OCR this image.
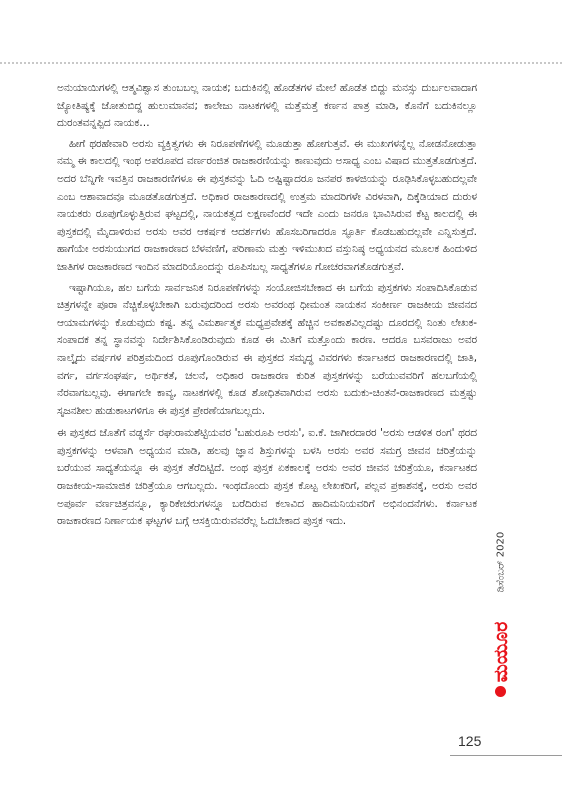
ಅನುಯಾಯಿಗಳಲ್ಲಿ ಆತ್ಮವಿಶ್ವಾಸ ತುಂಬಬಲ್ಲ ನಾಯಕ; ಬದುಕಿನಲ್ಲಿ ಹೊಡೆತಗಳ ಮೇಲೆ ಹೊಡೆತ ಬಿದ್ದು ಮನಸ್ಸು ದುರ್ಬಲವಾದಾಗ ಜ್ಯೋತಿಷ್ಯಕ್ಕೆ ಜೋತುಬಿದ್ದ ಹುಲುಮಾನವ; ಕಾಲೇಜು ನಾಟಕಗಳಲ್ಲಿ ಮತ್ತೆಮತ್ತೆ ಕರ್ಣನ ಪಾತ್ರ ಮಾಡಿ, ಕೊನೆಗೆ ಬದುಕಿನಲ್ಲೂ ದುರಂತವನ್ನಪ್ಪಿದ ನಾಯಕ…

ಹೀಗೆ ಥರಹೇವಾರಿ ಅರಸು ವ್ಯಕ್ತಿತ್ವಗಳು ಈ ನಿರೂಪಣೆಗಳಲ್ಲಿ ಮೂಡುತ್ತಾ ಹೋಗುತ್ತವೆ. ಈ ಮುಖಗಳನ್ನೆಲ್ಲ ನೋಡನೋಡುತ್ತಾ ನಮ್ಮ ಈ ಕಾಲದಲ್ಲಿ ಇಂಥ ಅಪರೂಪದ ವರ್ಣರಂಜಿತ ರಾಜಕಾರಣಿಯನ್ನು ಕಾಣುವುದು ಅಸಾಧ್ಯ ಎಂಬ ವಿಷಾದ ಮುತ್ತತೊಡಗುತ್ತದೆ. ಅದರ ಬೆನ್ನಿಗೇ ಇವತ್ತಿನ ರಾಜಕಾರಣಿಗಳೂ ಈ ಪುಸ್ತಕವನ್ನು ಓದಿ ಅಷ್ಟಿಷ್ಟಾದರೂ ಜನಪರ ಕಾಳಜಿಯನ್ನು ರೂಢಿಸಿಕೊಳ್ಳಬಹುದಲ್ಲವೇ ಎಂಬ ಆಶಾವಾದವೂ ಮೂಡತೊಡಗುತ್ತದೆ. ಅಧಿಕಾರ ರಾಜಕಾರಣದಲ್ಲಿ ಉತ್ತಮ ಮಾದರಿಗಳೇ ವಿರಳವಾಗಿ, ದಿಕ್ಕೆಡಿಯಾದ ದುರುಳ ನಾಯಕರು ರೂಪುಗೊಳ್ಳುತ್ತಿರುವ ಘಟ್ಟದಲ್ಲಿ, ನಾಯಕತ್ವದ ಲಕ್ಷಣವೆಂದರೆ ಇದೇ ಎಂದು ಜನರೂ ಭಾವಿಸಿರುವ ಕೆಟ್ಟ ಕಾಲದಲ್ಲಿ ಈ ಪುಸ್ತಕದಲ್ಲಿ ಮೈದಾಳಿರುವ ಅರಸು ಅವರ ಆಕರ್ಷಕ ಆದರ್ಶಗಳು ಹೊಸಬರಿಗಾದರೂ ಸ್ಫೂರ್ತಿ ಕೊಡಬಹುದಲ್ಲವೇ ಎನ್ನಿಸುತ್ತದೆ. ಹಾಗೆಯೇ ಅರಸುಯುಗದ ರಾಜಕಾರಣದ ಬೆಳವಣಿಗೆ, ಪರಿಣಾಮ ಮತ್ತು ಇಳಿಮುಖದ ವಸ್ತುನಿಷ್ಠ ಅಧ್ಯಯನದ ಮೂಲಕ ಹಿಂದುಳಿದ ಜಾತಿಗಳ ರಾಜಕಾರಣದ ಇಂದಿನ ಮಾದರಿಯೊಂದನ್ನು ರೂಪಿಸಬಲ್ಲ ಸಾಧ್ಯತೆಗಳೂ ಗೋಚರವಾಗತೊಡಗುತ್ತವೆ.

ಇಷ್ಟಾಗಿಯೂ, ಹಲ ಬಗೆಯ ಸಾರ್ವಜನಿಕ ನಿರೂಪಣೆಗಳನ್ನು ಸಂಯೋಜಿಸಬೇಕಾದ ಈ ಬಗೆಯ ಪುಸ್ತಕಗಳು ಸಂಪಾದಿಸಿಕೊಡುವ ಚಿತ್ರಗಳನ್ನೇ ಪೂರಾ ನೆಚ್ಚಿಕೊಳ್ಳಬೇಕಾಗಿ ಬರುವುದರಿಂದ ಅರಸು ಅವರಂಥ ಧೀಮಂತ ನಾಯಕನ ಸಂಕೀರ್ಣ ರಾಜಕೀಯ ಜೀವನದ ಆಯಾಮಗಳನ್ನು ಕೊಡುವುದು ಕಷ್ಟ. ತನ್ನ ವಿಮರ್ಶಾತ್ಮಕ ಮಧ್ಯಪ್ರವೇಶಕ್ಕೆ ಹೆಚ್ಚಿನ ಅವಕಾಶವಿಲ್ಲದಷ್ಟು ದೂರದಲ್ಲಿ ನಿಂತು ಲೇಖಕ-ಸಂಪಾದಕ ತನ್ನ ಸ್ಥಾನವನ್ನು ನಿರ್ದೇಶಿಸಿಕೊಂಡಿರುವುದು ಕೂಡ ಈ ಮಿತಿಗೆ ಮತ್ತೊಂದು ಕಾರಣ. ಆದರೂ ಬಸವರಾಜು ಅವರ ನಾಲ್ಕೈದು ವರ್ಷಗಳ ಪರಿಶ್ರಮದಿಂದ ರೂಪುಗೊಂಡಿರುವ ಈ ಪುಸ್ತಕದ ಸಮೃದ್ಧ ವಿವರಗಳು ಕರ್ನಾಟಕದ ರಾಜಕಾರಣದಲ್ಲಿ ಜಾತಿ, ವರ್ಗ, ವರ್ಗಸಂಘರ್ಷ, ಅರ್ಥಿಕತೆ, ಚಲನೆ, ಅಧಿಕಾರ ರಾಜಕಾರಣ ಕುರಿತ ಪುಸ್ತಕಗಳನ್ನು ಬರೆಯುವವರಿಗೆ ಹಲಬಗೆಯಲ್ಲಿ ನೆರವಾಗಬಲ್ಲವು. ಈಗಾಗಲೇ ಕಾವ್ಯ, ನಾಟಕಗಳಲ್ಲಿ ಕೂಡ ಶೋಧಿತವಾಗಿರುವ ಅರಸು ಬದುಕು-ಚಿಂತನೆ-ರಾಜಕಾರಣದ ಮತ್ತಷ್ಟು ಸೃಜನಶೀಲ ಹುಡುಕಾಟಗಳಿಗೂ ಈ ಪುಸ್ತಕ ಪ್ರೇರಣೆಯಾಗಬಲ್ಲದು.

ಈ ಪುಸ್ತಕದ ಜೊತೆಗೆ ವಡ್ಡರ್ಸೆ ರಘುರಾಮಶೆಟ್ಟಿಯವರ 'ಬಹುರೂಪಿ ಅರಸು', ಐ.ಕೆ. ಜಾಗೀರದಾರರ 'ಅರಸು ಆಡಳಿತ ರಂಗ' ಥರದ ಪುಸ್ತಕಗಳನ್ನು ಆಳವಾಗಿ ಅಧ್ಯಯನ ಮಾಡಿ, ಹಲವು ಜ್ಞಾನ ಶಿಸ್ತುಗಳನ್ನು ಬಳಸಿ ಅರಸು ಅವರ ಸಮಗ್ರ ಜೀವನ ಚರಿತ್ರೆಯನ್ನು ಬರೆಯುವ ಸಾಧ್ಯತೆಯನ್ನೂ ಈ ಪುಸ್ತಕ ತೆರೆದಿಟ್ಟಿದೆ. ಅಂಥ ಪುಸ್ತಕ ಏಕಕಾಲಕ್ಕೆ ಅರಸು ಅವರ ಜೀವನ ಚರಿತ್ರೆಯೂ, ಕರ್ನಾಟಕದ ರಾಜಕೀಯ-ಸಾಮಾಜಿಕ ಚರಿತ್ರೆಯೂ ಆಗಬಲ್ಲದು. ಇಂಥದೊಂದು ಪುಸ್ತಕ ಕೊಟ್ಟ ಲೇಖಕರಿಗೆ, ಪಲ್ಲವ ಪ್ರಕಾಶನಕ್ಕೆ, ಅರಸು ಅವರ ಅಪೂರ್ವ ವರ್ಣಚಿತ್ರವನ್ನೂ, ಕ್ಯಾರಿಕೇಚರುಗಳನ್ನೂ ಬರೆದಿರುವ ಕಲಾವಿದ ಹಾದಿಮನಿಯವರಿಗೆ ಅಭಿನಂದನೆಗಳು. ಕರ್ನಾಟಕ ರಾಜಕಾರಣದ ನಿರ್ಣಾಯಕ ಘಟ್ಟಗಳ ಬಗ್ಗೆ ಆಸಕ್ತಿಯಿರುವವರೆಲ್ಲ ಓದಬೇಕಾದ ಪುಸ್ತಕ ಇದು.

ಡಿಸೆಂಬರ್ 2020
ಮಯೂರ
125
